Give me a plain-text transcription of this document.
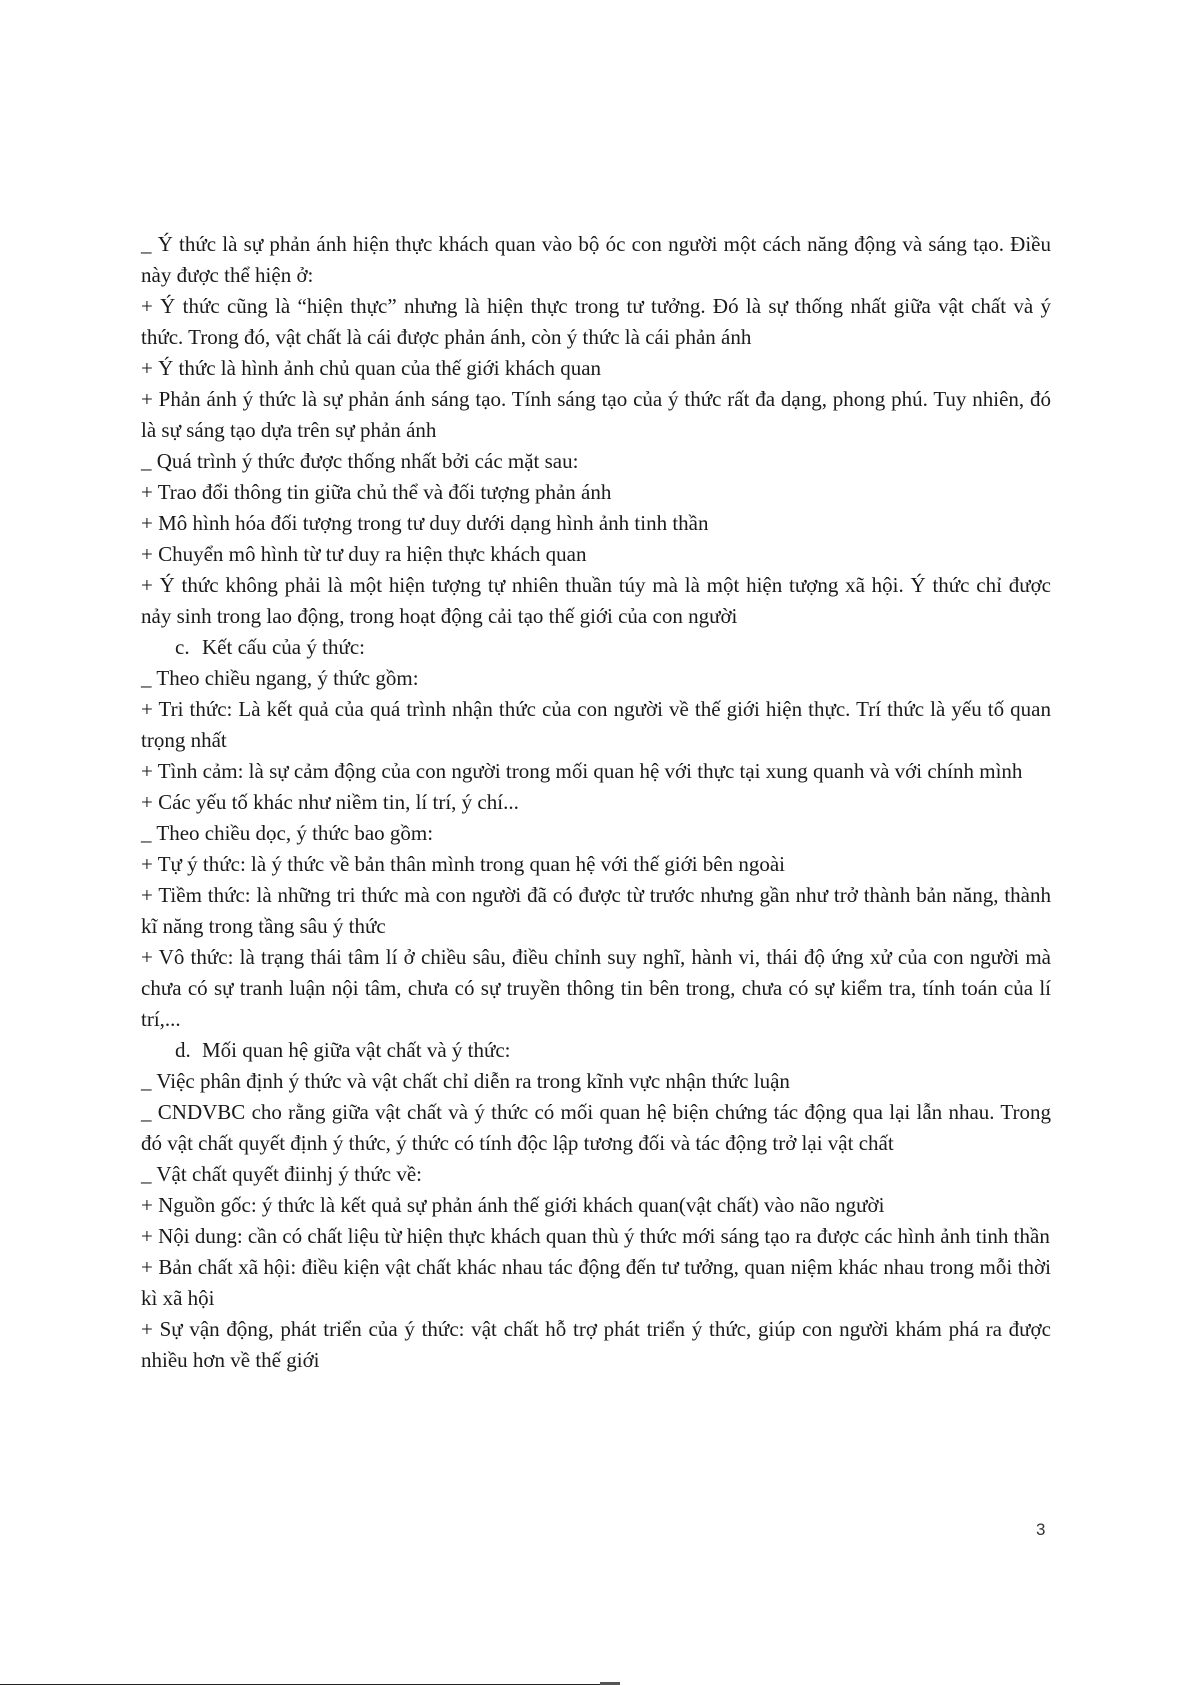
_ Ý thức là sự phản ánh hiện thực khách quan vào bộ óc con người một cách năng động và sáng tạo. Điều này được thể hiện ở:

+ Ý thức cũng là “hiện thực” nhưng là hiện thực trong tư tưởng. Đó là sự thống nhất giữa vật chất và ý thức. Trong đó, vật chất là cái được phản ánh, còn ý thức là cái phản ánh

+ Ý thức là hình ảnh chủ quan của thế giới khách quan

+ Phản ánh ý thức là sự phản ánh sáng tạo. Tính sáng tạo của ý thức rất đa dạng, phong phú. Tuy nhiên, đó là sự sáng tạo dựa trên sự phản ánh

_ Quá trình ý thức được thống nhất bởi các mặt sau:

+ Trao đổi thông tin giữa chủ thể và đối tượng phản ánh

+ Mô hình hóa đối tượng trong tư duy dưới dạng hình ảnh tinh thần

+ Chuyển mô hình từ tư duy ra hiện thực khách quan

+ Ý thức không phải là một hiện tượng tự nhiên thuần túy mà là một hiện tượng xã hội. Ý thức chỉ được nảy sinh trong lao động, trong hoạt động cải tạo thế giới của con người

c. Kết cấu của ý thức:

_ Theo chiều ngang, ý thức gồm:

+ Tri thức: Là kết quả của quá trình nhận thức của con người về thế giới hiện thực. Trí thức là yếu tố quan trọng nhất

+ Tình cảm: là sự cảm động của con người trong mối quan hệ với thực tại xung quanh và với chính mình

+ Các yếu tố khác như niềm tin, lí trí, ý chí...

_ Theo chiều dọc, ý thức bao gồm:

+ Tự ý thức: là ý thức về bản thân mình trong quan hệ với thế giới bên ngoài

+ Tiềm thức: là những tri thức mà con người đã có được từ trước nhưng gần như trở thành bản năng, thành kĩ năng trong tầng sâu ý thức

+ Vô thức: là trạng thái tâm lí ở chiều sâu, điều chỉnh suy nghĩ, hành vi, thái độ ứng xử của con người mà chưa có sự tranh luận nội tâm, chưa có sự truyền thông tin bên trong, chưa có sự kiểm tra, tính toán của lí trí,...

d. Mối quan hệ giữa vật chất và ý thức:

_ Việc phân định ý thức và vật chất chỉ diễn ra trong kĩnh vực nhận thức luận

_ CNDVBC cho rằng giữa vật chất và ý thức có mối quan hệ biện chứng tác động qua lại lẫn nhau. Trong đó vật chất quyết định ý thức, ý thức có tính độc lập tương đối và tác động trở lại vật chất

_ Vật chất quyết điinhj ý thức về:

+ Nguồn gốc: ý thức là kết quả sự phản ánh thế giới khách quan(vật chất) vào não người

+ Nội dung: cần có chất liệu từ hiện thực khách quan thù ý thức mới sáng tạo ra được các hình ảnh tinh thần

+ Bản chất xã hội: điều kiện vật chất khác nhau tác động đến tư tưởng, quan niệm khác nhau trong mỗi thời kì xã hội

+ Sự vận động, phát triển của ý thức: vật chất hỗ trợ phát triển ý thức, giúp con người khám phá ra được nhiều hơn về thế giới

3
